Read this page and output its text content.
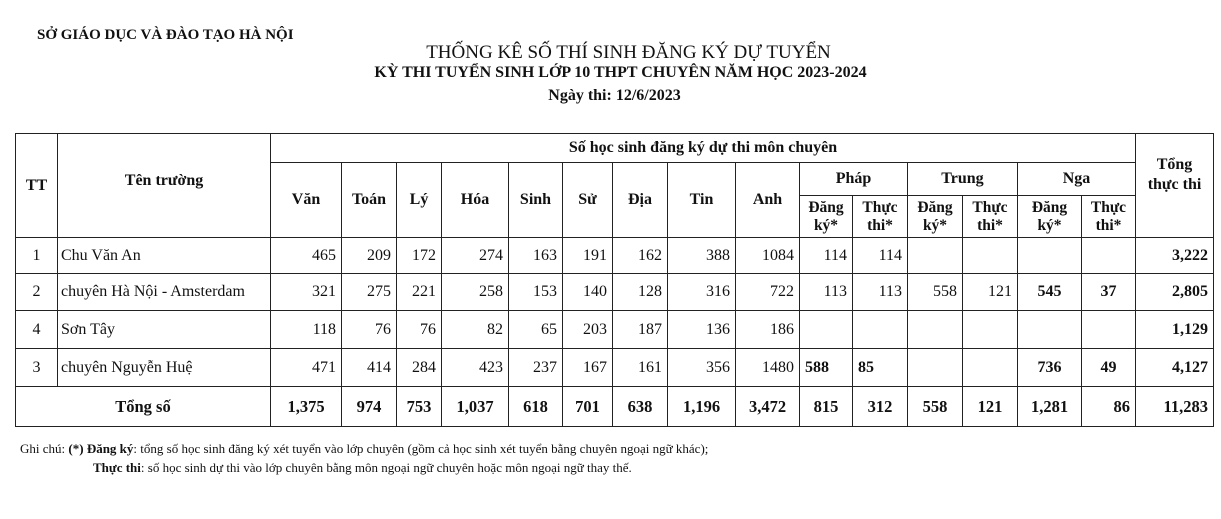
SỞ GIÁO DỤC VÀ ĐÀO TẠO HÀ NỘI
THỐNG KÊ SỐ THÍ SINH ĐĂNG KÝ DỰ TUYỂN
KỲ THI TUYỂN SINH LỚP 10 THPT CHUYÊN NĂM HỌC 2023-2024
Ngày thi: 12/6/2023
TT	Tên trường	Số học sinh đăng ký dự thi môn chuyên															Tổng thực thi
		Văn	Toán	Lý	Hóa	Sinh	Sử	Địa	Tin	Anh	Pháp		Trung		Nga		
											Đăng ký*	Thực thi*	Đăng ký*	Thực thi*	Đăng ký*	Thực thi*	
1	Chu Văn An	465	209	172	274	163	191	162	388	1084	114	114					3,222
2	chuyên Hà Nội - Amsterdam	321	275	221	258	153	140	128	316	722	113	113	558	121	545	37	2,805
4	Sơn Tây	118	76	76	82	65	203	187	136	186							1,129
3	chuyên Nguyễn Huệ	471	414	284	423	237	167	161	356	1480	588	85			736	49	4,127
Tổng số		1,375	974	753	1,037	618	701	638	1,196	3,472	815	312	558	121	1,281	86	11,283
Ghi chú: (*) Đăng ký: tổng số học sinh đăng ký xét tuyển vào lớp chuyên (gồm cả học sinh xét tuyển bằng chuyên ngoại ngữ khác);
Thực thi: số học sinh dự thi vào lớp chuyên bằng môn ngoại ngữ chuyên hoặc môn ngoại ngữ thay thế.
